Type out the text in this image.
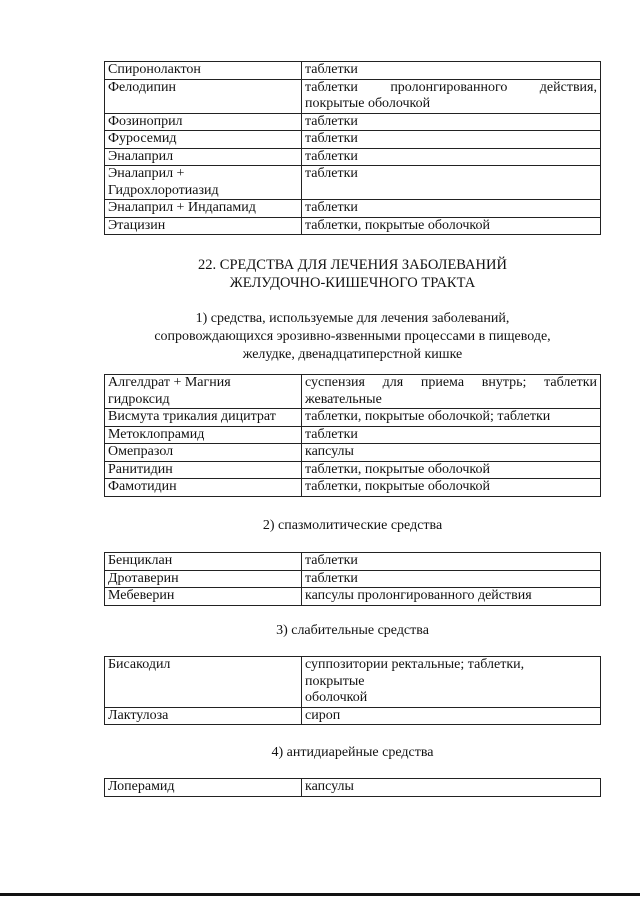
Спиронолактон	таблетки
Фелодипин	таблетки пролонгированного действия,
покрытые оболочкой
Фозиноприл	таблетки
Фуросемид	таблетки
Эналаприл	таблетки

Эналаприл +
Гидрохлоротиазид	таблетки
Эналаприл + Индапамид	таблетки
Этацизин	таблетки, покрытые оболочкой
22. СРЕДСТВА ДЛЯ ЛЕЧЕНИЯ ЗАБОЛЕВАНИЙ
ЖЕЛУДОЧНО-КИШЕЧНОГО ТРАКТА
1) средства, используемые для лечения заболеваний,
сопровождающихся эрозивно-язвенными процессами в пищеводе,
желудке, двенадцатиперстной кишке
Алгелдрат + Магния
гидроксид	суспензия для приема внутрь; таблетки
жевательные
Висмута трикалия дицитрат	таблетки, покрытые оболочкой; таблетки
Метоклопрамид	таблетки
Омепразол	капсулы
Ранитидин	таблетки, покрытые оболочкой
Фамотидин	таблетки, покрытые оболочкой
2) спазмолитические средства
Бенциклан	таблетки
Дротаверин	таблетки
Мебеверин	капсулы пролонгированного действия
3) слабительные средства
Бисакодил	суппозитории ректальные; таблетки,
покрытые
оболочкой

Лактулоза	сироп
4) антидиарейные средства
Лоперамид	капсулы
